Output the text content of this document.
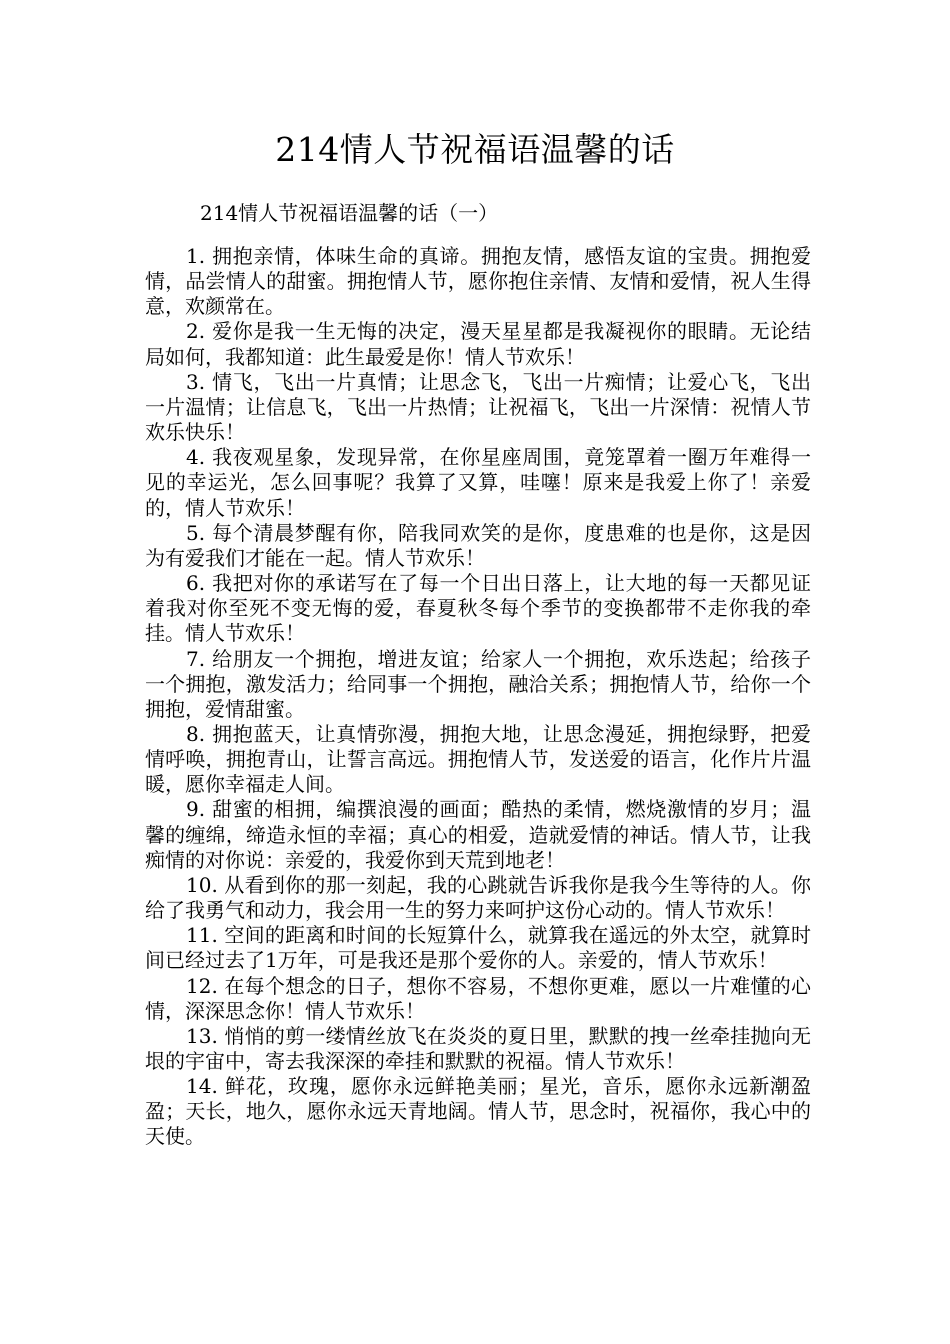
214情人节祝福语温馨的话

214情人节祝福语温馨的话（一）

1. 拥抱亲情，体味生命的真谛。拥抱友情，感悟友谊的宝贵。拥抱爱情，品尝情人的甜蜜。拥抱情人节，愿你抱住亲情、友情和爱情，祝人生得意，欢颜常在。

2. 爱你是我一生无悔的决定，漫天星星都是我凝视你的眼睛。无论结局如何，我都知道：此生最爱是你！情人节欢乐！

3. 情飞，飞出一片真情；让思念飞，飞出一片痴情；让爱心飞，飞出一片温情；让信息飞，飞出一片热情；让祝福飞，飞出一片深情：祝情人节欢乐快乐！

4. 我夜观星象，发现异常，在你星座周围，竟笼罩着一圈万年难得一见的幸运光，怎么回事呢？我算了又算，哇噻！原来是我爱上你了！亲爱的，情人节欢乐！

5. 每个清晨梦醒有你，陪我同欢笑的是你，度患难的也是你，这是因为有爱我们才能在一起。情人节欢乐！

6. 我把对你的承诺写在了每一个日出日落上，让大地的每一天都见证着我对你至死不变无悔的爱，春夏秋冬每个季节的变换都带不走你我的牵挂。情人节欢乐！

7. 给朋友一个拥抱，增进友谊；给家人一个拥抱，欢乐迭起；给孩子一个拥抱，激发活力；给同事一个拥抱，融洽关系；拥抱情人节，给你一个拥抱，爱情甜蜜。

8. 拥抱蓝天，让真情弥漫，拥抱大地，让思念漫延，拥抱绿野，把爱情呼唤，拥抱青山，让誓言高远。拥抱情人节，发送爱的语言，化作片片温暖，愿你幸福走人间。

9. 甜蜜的相拥，编撰浪漫的画面；酷热的柔情，燃烧激情的岁月；温馨的缠绵，缔造永恒的幸福；真心的相爱，造就爱情的神话。情人节，让我痴情的对你说：亲爱的，我爱你到天荒到地老！

10. 从看到你的那一刻起，我的心跳就告诉我你是我今生等待的人。你给了我勇气和动力，我会用一生的努力来呵护这份心动的。情人节欢乐！

11. 空间的距离和时间的长短算什么，就算我在遥远的外太空，就算时间已经过去了1万年，可是我还是那个爱你的人。亲爱的，情人节欢乐！

12. 在每个想念的日子，想你不容易，不想你更难，愿以一片难懂的心情，深深思念你！情人节欢乐！

13. 悄悄的剪一缕情丝放飞在炎炎的夏日里，默默的拽一丝牵挂抛向无垠的宇宙中，寄去我深深的牵挂和默默的祝福。情人节欢乐！

14. 鲜花，玫瑰，愿你永远鲜艳美丽；星光，音乐，愿你永远新潮盈盈；天长，地久，愿你永远天青地阔。情人节，思念时，祝福你，我心中的天使。
